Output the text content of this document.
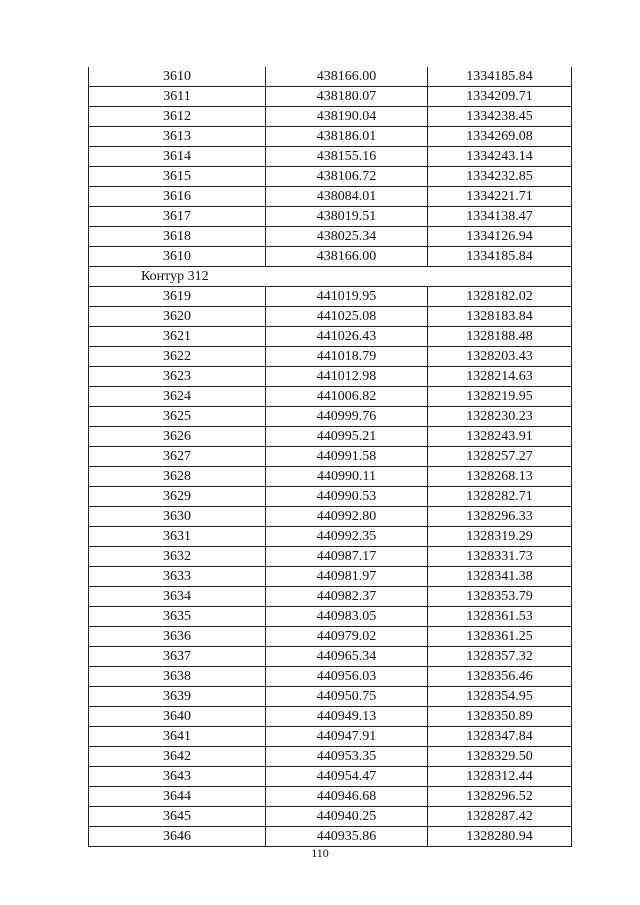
3610	438166.00	1334185.84
3611	438180.07	1334209.71
3612	438190.04	1334238.45
3613	438186.01	1334269.08
3614	438155.16	1334243.14
3615	438106.72	1334232.85
3616	438084.01	1334221.71
3617	438019.51	1334138.47
3618	438025.34	1334126.94
3610	438166.00	1334185.84
Контур 312		
3619	441019.95	1328182.02
3620	441025.08	1328183.84
3621	441026.43	1328188.48
3622	441018.79	1328203.43
3623	441012.98	1328214.63
3624	441006.82	1328219.95
3625	440999.76	1328230.23
3626	440995.21	1328243.91
3627	440991.58	1328257.27
3628	440990.11	1328268.13
3629	440990.53	1328282.71
3630	440992.80	1328296.33
3631	440992.35	1328319.29
3632	440987.17	1328331.73
3633	440981.97	1328341.38
3634	440982.37	1328353.79
3635	440983.05	1328361.53
3636	440979.02	1328361.25
3637	440965.34	1328357.32
3638	440956.03	1328356.46
3639	440950.75	1328354.95
3640	440949.13	1328350.89
3641	440947.91	1328347.84
3642	440953.35	1328329.50
3643	440954.47	1328312.44
3644	440946.68	1328296.52
3645	440940.25	1328287.42
3646	440935.86	1328280.94
110
